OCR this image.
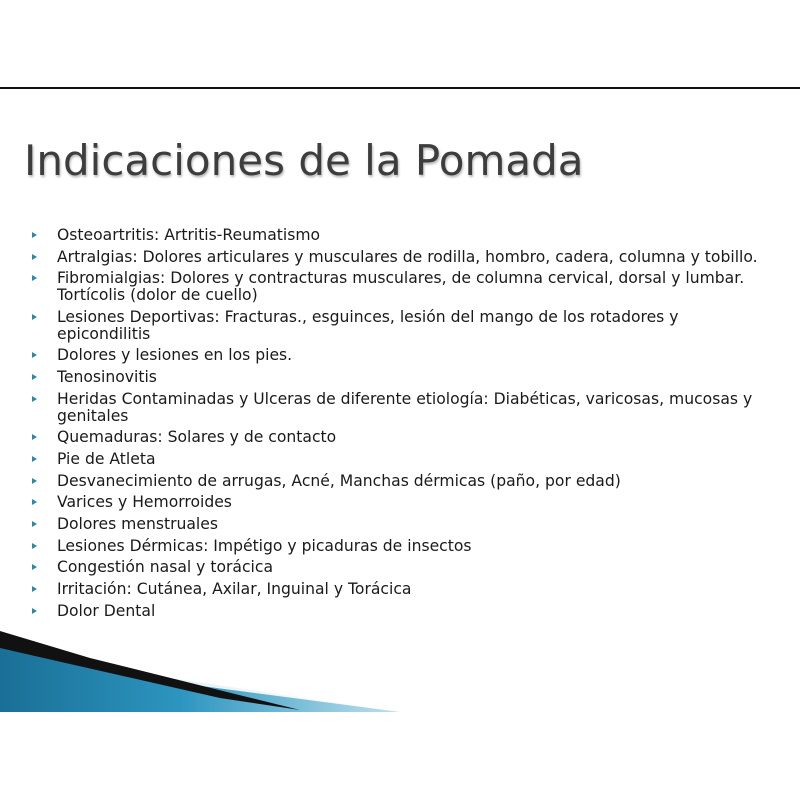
Indicaciones de la Pomada
Osteoartritis: Artritis-Reumatismo
Artralgias: Dolores articulares y musculares de rodilla, hombro, cadera, columna y tobillo.
Fibromialgias: Dolores y contracturas musculares, de columna cervical, dorsal y lumbar. Tortícolis (dolor de cuello)
Lesiones Deportivas: Fracturas., esguinces, lesión del mango de los rotadores y epicondilitis
Dolores y lesiones en los pies.
Tenosinovitis
Heridas Contaminadas y Ulceras de diferente etiología: Diabéticas, varicosas, mucosas y genitales
Quemaduras: Solares y de contacto
Pie de Atleta
Desvanecimiento de arrugas, Acné, Manchas dérmicas (paño, por edad)
Varices y Hemorroides
Dolores menstruales
Lesiones Dérmicas: Impétigo y picaduras de insectos
Congestión nasal y torácica
Irritación: Cutánea, Axilar, Inguinal y Torácica
Dolor Dental
